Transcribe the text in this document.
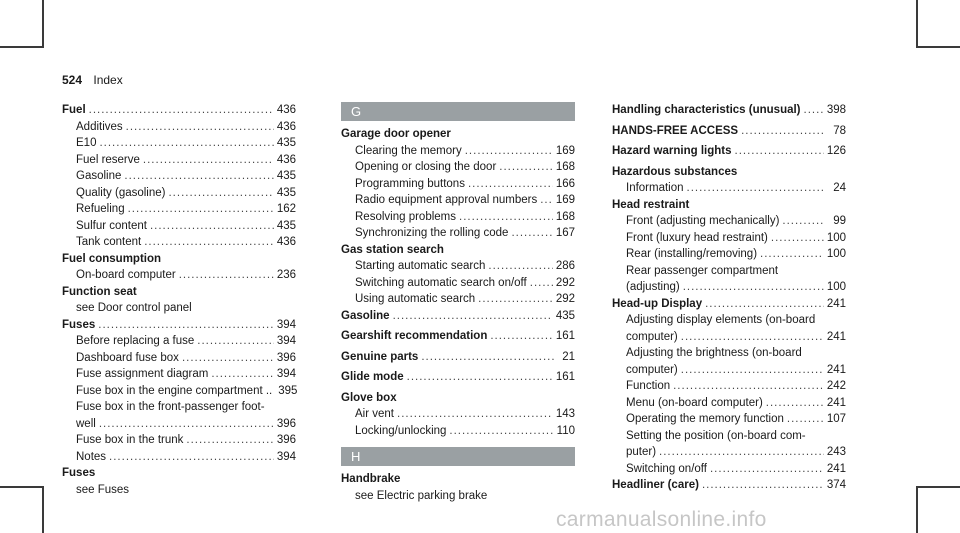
524 Index
Fuel .....	436
Additives .....	436
E10 .....	435
Fuel reserve .....	436
Gasoline .....	435
Quality (gasoline) .....	435
Refueling .....	162
Sulfur content .....	435
Tank content .....	436
Fuel consumption
On-board computer .....	236
Function seat
see Door control panel
Fuses .....	394
Before replacing a fuse .....	394
Dashboard fuse box .....	396
Fuse assignment diagram .....	394
Fuse box in the engine compartment .. 395
Fuse box in the front-passenger foot-
well .....	396
Fuse box in the trunk .....	396
Notes .....	394
Fuses
see Fuses
G
Garage door opener
Clearing the memory .....	169
Opening or closing the door .....	168
Programming buttons .....	166
Radio equipment approval numbers ..... 169
Resolving problems .....	168
Synchronizing the rolling code .....	167
Gas station search
Starting automatic search .....	286
Switching automatic search on/off .....	292
Using automatic search .....	292
Gasoline .....	435
Gearshift recommendation .....	161
Genuine parts .....	21
Glide mode .....	161
Glove box
Air vent .....	143
Locking/unlocking .....	110
H
Handbrake
see Electric parking brake
Handling characteristics (unusual) ..... 398
HANDS-FREE ACCESS .....	78
Hazard warning lights .....	126
Hazardous substances
Information .....	24
Head restraint
Front (adjusting mechanically) .....	99
Front (luxury head restraint) .....	100
Rear (installing/removing) .....	100
Rear passenger compartment
(adjusting) .....	100
Head-up Display .....	241
Adjusting display elements (on-board
computer) .....	241
Adjusting the brightness (on-board
computer) .....	241
Function .....	242
Menu (on-board computer) .....	241
Operating the memory function .....	107
Setting the position (on-board com-
puter) .....	243
Switching on/off .....	241
Headliner (care) .....	374
carmanualsonline.info
